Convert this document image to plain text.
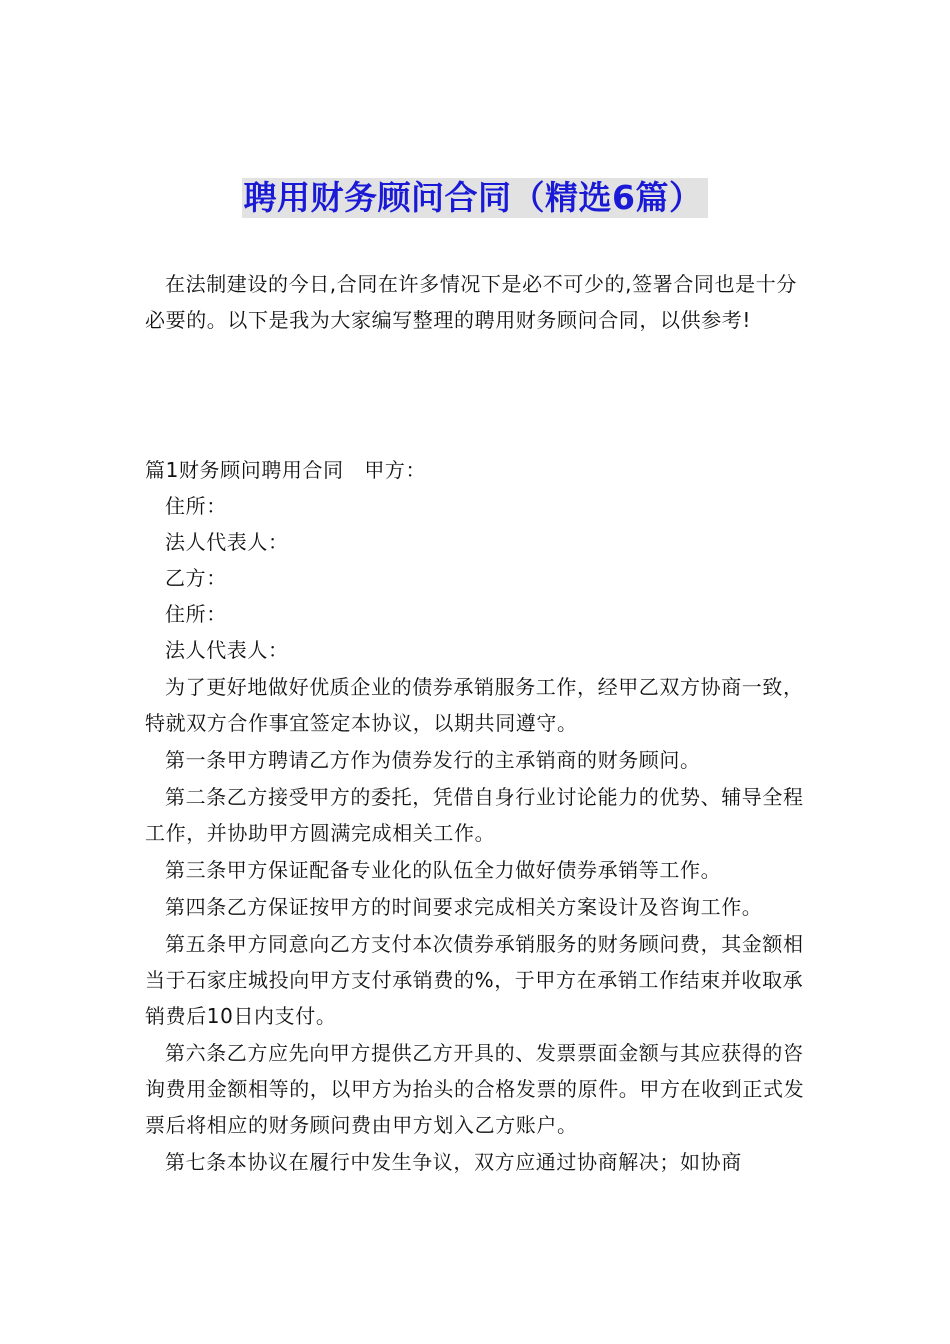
聘用财务顾问合同（精选6篇）

在法制建设的今日,合同在许多情况下是必不可少的,签署合同也是十分必要的。以下是我为大家编写整理的聘用财务顾问合同，以供参考!

篇1财务顾问聘用合同　甲方：

住所：

法人代表人：

乙方：

住所：

法人代表人：

为了更好地做好优质企业的债券承销服务工作，经甲乙双方协商一致，特就双方合作事宜签定本协议，以期共同遵守。

第一条甲方聘请乙方作为债券发行的主承销商的财务顾问。

第二条乙方接受甲方的委托，凭借自身行业讨论能力的优势、辅导全程工作，并协助甲方圆满完成相关工作。

第三条甲方保证配备专业化的队伍全力做好债券承销等工作。

第四条乙方保证按甲方的时间要求完成相关方案设计及咨询工作。

第五条甲方同意向乙方支付本次债券承销服务的财务顾问费，其金额相当于石家庄城投向甲方支付承销费的%，于甲方在承销工作结束并收取承销费后10日内支付。

第六条乙方应先向甲方提供乙方开具的、发票票面金额与其应获得的咨询费用金额相等的，以甲方为抬头的合格发票的原件。甲方在收到正式发票后将相应的财务顾问费由甲方划入乙方账户。

第七条本协议在履行中发生争议，双方应通过协商解决；如协商
